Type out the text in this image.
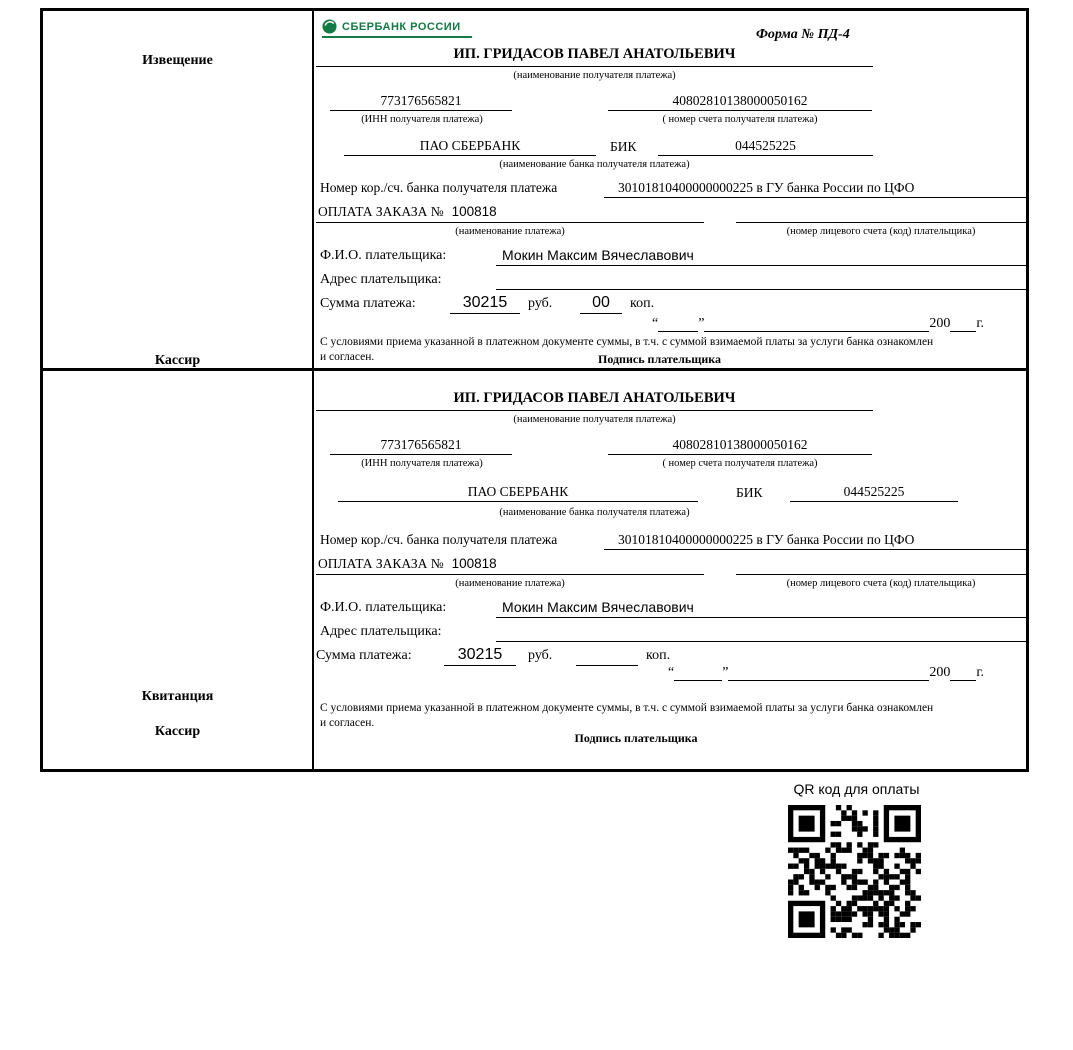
Извещение
Кассир
СБЕРБАНК РОССИИ
Форма № ПД-4
ИП. ГРИДАСОВ ПАВЕЛ АНАТОЛЬЕВИЧ
(наименование получателя платежа)
773176565821	40802810138000050162
(ИНН получателя платежа)	( номер счета получателя платежа)
ПАО СБЕРБАНК	БИК	044525225
(наименование банка получателя платежа)
Номер кор./сч. банка получателя платежа	30101810400000000225 в ГУ банка России по ЦФО
ОПЛАТА ЗАКАЗА № 100818
(наименование платежа)	(номер лицевого счета (код) плательщика)
Ф.И.О. плательщика:	Мокин Максим Вячеславович
Адрес плательщика:
Сумма платежа:	30215	руб.	00	коп.
“	”	200 г.
С условиями приема указанной в платежном документе суммы, в т.ч. с суммой взимаемой платы за услуги банка ознакомлен и согласен.	Подпись плательщика
Квитанция
Кассир
ИП. ГРИДАСОВ ПАВЕЛ АНАТОЛЬЕВИЧ
(наименование получателя платежа)
773176565821	40802810138000050162
(ИНН получателя платежа)	( номер счета получателя платежа)
ПАО СБЕРБАНК	БИК	044525225
(наименование банка получателя платежа)
Номер кор./сч. банка получателя платежа	30101810400000000225 в ГУ банка России по ЦФО
ОПЛАТА ЗАКАЗА № 100818
(наименование платежа)	(номер лицевого счета (код) плательщика)
Ф.И.О. плательщика:	Мокин Максим Вячеславович
Адрес плательщика:
Сумма платежа:	30215	руб.	коп.
“	”	200 г.
С условиями приема указанной в платежном документе суммы, в т.ч. с суммой взимаемой платы за услуги банка ознакомлен и согласен.
Подпись плательщика
QR код для оплаты
